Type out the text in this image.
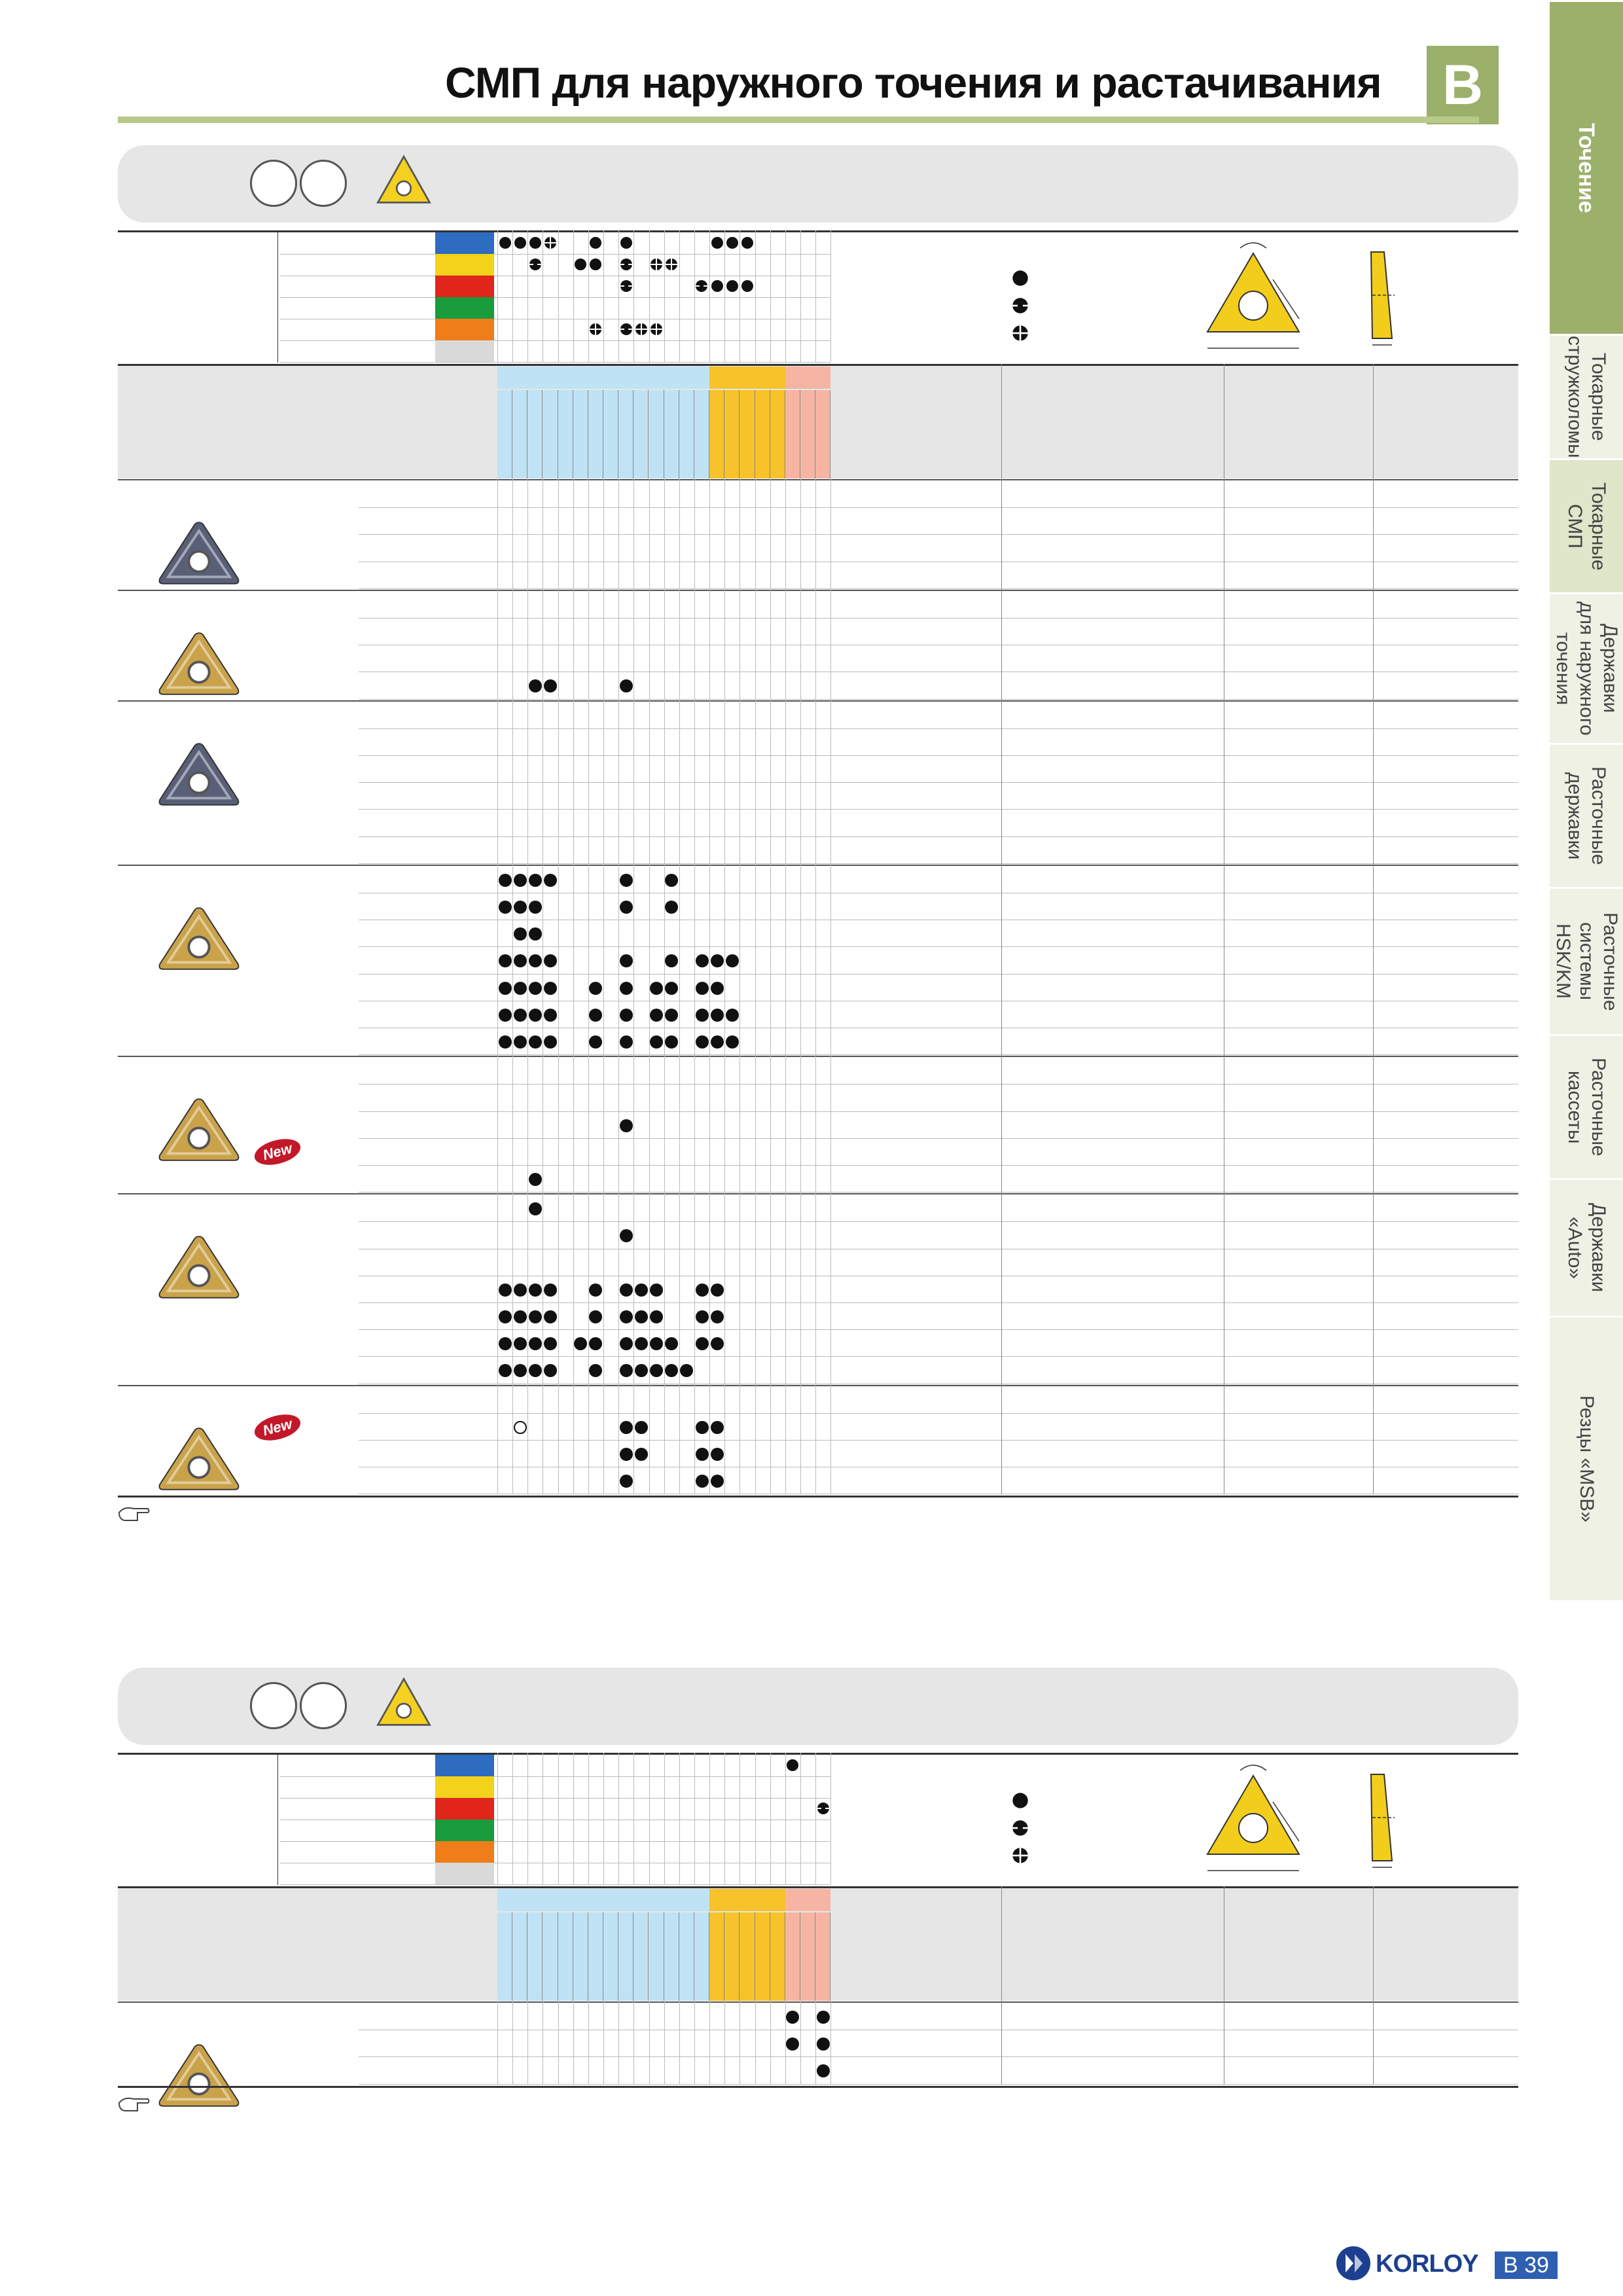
СМП для наружного точения и растачивания B
Точение
Токарные
стружколомы
Токарные
СМП
Державки
для наружного
точения
Расточные
державки
Расточные
системы
HSK/KM
Расточные
кассеты
Державки
«Auto»
Резцы «MSB»
New
New
KORLOY	B 39
